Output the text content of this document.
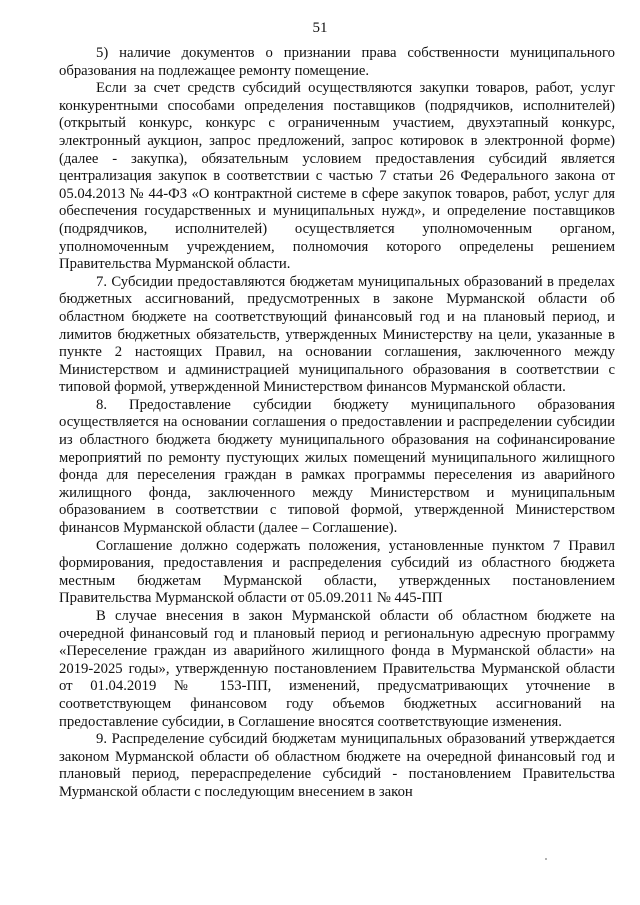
51

5) наличие документов о признании права собственности муниципального образования на подлежащее ремонту помещение.

Если за счет средств субсидий осуществляются закупки товаров, работ, услуг конкурентными способами определения поставщиков (подрядчиков, исполнителей) (открытый конкурс, конкурс с ограниченным участием, двухэтапный конкурс, электронный аукцион, запрос предложений, запрос котировок в электронной форме) (далее - закупка), обязательным условием предоставления субсидий является централизация закупок в соответствии с частью 7 статьи 26 Федерального закона от 05.04.2013 № 44-ФЗ «О контрактной системе в сфере закупок товаров, работ, услуг для обеспечения государственных и муниципальных нужд», и определение поставщиков (подрядчиков, исполнителей) осуществляется уполномоченным органом, уполномоченным учреждением, полномочия которого определены решением Правительства Мурманской области.

7. Субсидии предоставляются бюджетам муниципальных образований в пределах бюджетных ассигнований, предусмотренных в законе Мурманской области об областном бюджете на соответствующий финансовый год и на плановый период, и лимитов бюджетных обязательств, утвержденных Министерству на цели, указанные в пункте 2 настоящих Правил, на основании соглашения, заключенного между Министерством и администрацией муниципального образования в соответствии с типовой формой, утвержденной Министерством финансов Мурманской области.

8. Предоставление субсидии бюджету муниципального образования осуществляется на основании соглашения о предоставлении и распределении субсидии из областного бюджета бюджету муниципального образования на софинансирование мероприятий по ремонту пустующих жилых помещений муниципального жилищного фонда для переселения граждан в рамках программы переселения из аварийного жилищного фонда, заключенного между Министерством и муниципальным образованием в соответствии с типовой формой, утвержденной Министерством финансов Мурманской области (далее – Соглашение).

Соглашение должно содержать положения, установленные пунктом 7 Правил формирования, предоставления и распределения субсидий из областного бюджета местным бюджетам Мурманской области, утвержденных постановлением Правительства Мурманской области от 05.09.2011 № 445-ПП

В случае внесения в закон Мурманской области об областном бюджете на очередной финансовый год и плановый период и региональную адресную программу «Переселение граждан из аварийного жилищного фонда в Мурманской области» на 2019-2025 годы», утвержденную постановлением Правительства Мурманской области от 01.04.2019 № 153-ПП, изменений, предусматривающих уточнение в соответствующем финансовом году объемов бюджетных ассигнований на предоставление субсидии, в Соглашение вносятся соответствующие изменения.

9. Распределение субсидий бюджетам муниципальных образований утверждается законом Мурманской области об областном бюджете на очередной финансовый год и плановый период, перераспределение субсидий - постановлением Правительства Мурманской области с последующим внесением в закон
